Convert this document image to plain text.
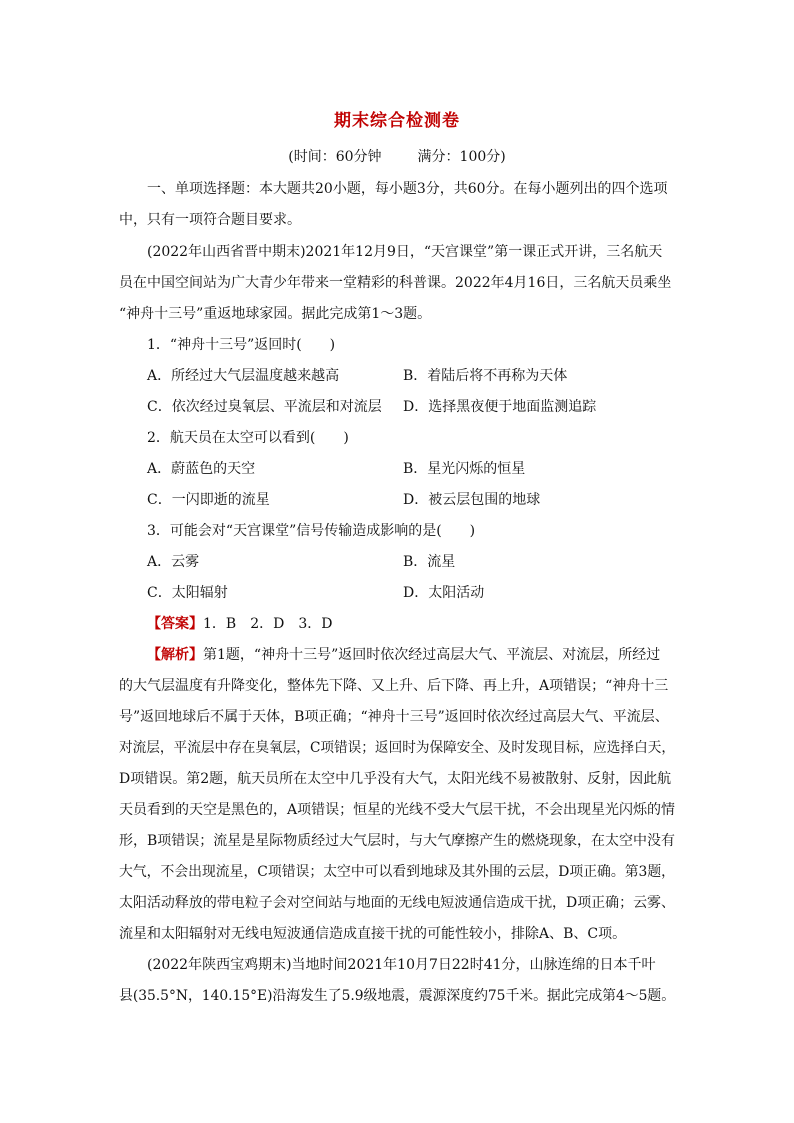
期末综合检测卷
(时间：60分钟	满分：100分)
一、单项选择题：本大题共20小题，每小题3分，共60分。在每小题列出的四个选项
中，只有一项符合题目要求。
(2022年山西省晋中期末)2021年12月9日，“天宫课堂”第一课正式开讲，三名航天
员在中国空间站为广大青少年带来一堂精彩的科普课。2022年4月16日，三名航天员乘坐
“神舟十三号”重返地球家园。据此完成第1～3题。
1．“神舟十三号”返回时(　　)
A．所经过大气层温度越来越高	B．着陆后将不再称为天体
C．依次经过臭氧层、平流层和对流层 D．选择黑夜便于地面监测追踪
2．航天员在太空可以看到(　　)
A．蔚蓝色的天空	B．星光闪烁的恒星
C．一闪即逝的流星	D．被云层包围的地球
3．可能会对“天宫课堂”信号传输造成影响的是(　　)
A．云雾	B．流星
C．太阳辐射	D．太阳活动
【答案】1．B　2．D　3．D
【解析】第1题，“神舟十三号”返回时依次经过高层大气、平流层、对流层，所经过
的大气层温度有升降变化，整体先下降、又上升、后下降、再上升，A项错误；“神舟十三
号”返回地球后不属于天体，B项正确；“神舟十三号”返回时依次经过高层大气、平流层、
对流层，平流层中存在臭氧层，C项错误；返回时为保障安全、及时发现目标，应选择白天，
D项错误。第2题，航天员所在太空中几乎没有大气，太阳光线不易被散射、反射，因此航
天员看到的天空是黑色的，A项错误；恒星的光线不受大气层干扰，不会出现星光闪烁的情
形，B项错误；流星是星际物质经过大气层时，与大气摩擦产生的燃烧现象，在太空中没有
大气，不会出现流星，C项错误；太空中可以看到地球及其外围的云层，D项正确。第3题，
太阳活动释放的带电粒子会对空间站与地面的无线电短波通信造成干扰，D项正确；云雾、
流星和太阳辐射对无线电短波通信造成直接干扰的可能性较小，排除A、B、C项。
(2022年陕西宝鸡期末)当地时间2021年10月7日22时41分，山脉连绵的日本千叶
县(35.5°N，140.15°E)沿海发生了5.9级地震，震源深度约75千米。据此完成第4～5题。
